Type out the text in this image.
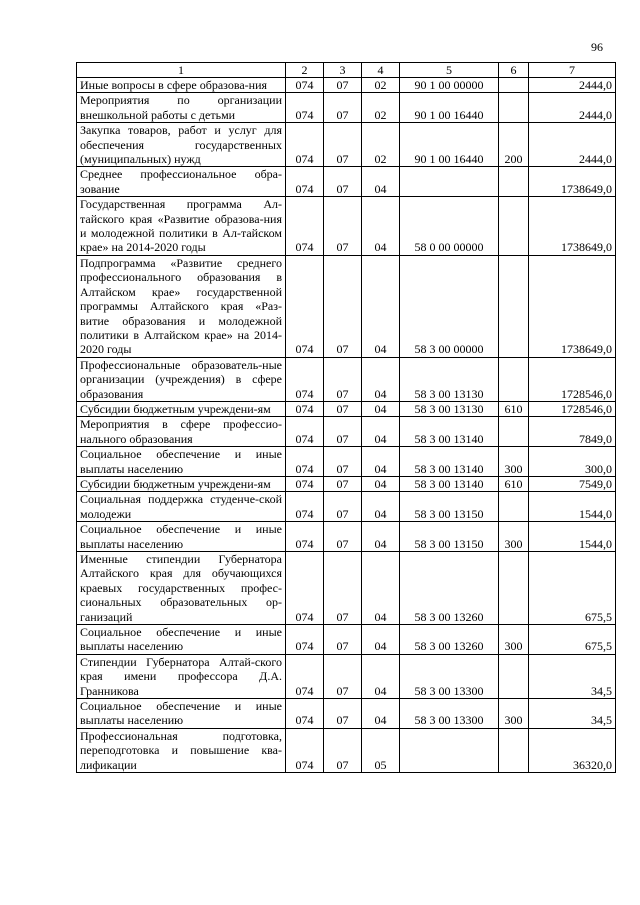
96
1	2	3	4	5	6	7
Иные вопросы в сфере образова-ния	074	07	02	90 1 00 00000		2444,0
Мероприятия по организации внешкольной работы с детьми	074	07	02	90 1 00 16440		2444,0
Закупка товаров, работ и услуг для обеспечения государственных (муниципальных) нужд	074	07	02	90 1 00 16440	200	2444,0
Среднее профессиональное обра-зование	074	07	04			1738649,0
Государственная программа Ал-тайского края «Развитие образова-ния и молодежной политики в Ал-тайском крае» на 2014-2020 годы	074	07	04	58 0 00 00000		1738649,0
Подпрограмма «Развитие среднего профессионального образования в Алтайском крае» государственной программы Алтайского края «Раз-витие образования и молодежной политики в Алтайском крае» на 2014-2020 годы	074	07	04	58 3 00 00000		1738649,0
Профессиональные образователь-ные организации (учреждения) в сфере образования	074	07	04	58 3 00 13130		1728546,0
Субсидии бюджетным учреждени-ям	074	07	04	58 3 00 13130	610	1728546,0
Мероприятия в сфере профессио-нального образования	074	07	04	58 3 00 13140		7849,0
Социальное обеспечение и иные выплаты населению	074	07	04	58 3 00 13140	300	300,0
Субсидии бюджетным учреждени-ям	074	07	04	58 3 00 13140	610	7549,0
Социальная поддержка студенче-ской молодежи	074	07	04	58 3 00 13150		1544,0
Социальное обеспечение и иные выплаты населению	074	07	04	58 3 00 13150	300	1544,0
Именные стипендии Губернатора Алтайского края для обучающихся краевых государственных профес-сиональных образовательных ор-ганизаций	074	07	04	58 3 00 13260		675,5
Социальное обеспечение и иные выплаты населению	074	07	04	58 3 00 13260	300	675,5
Стипендии Губернатора Алтай-ского края имени профессора Д.А. Гранникова	074	07	04	58 3 00 13300		34,5
Социальное обеспечение и иные выплаты населению	074	07	04	58 3 00 13300	300	34,5
Профессиональная подготовка, переподготовка и повышение ква-лификации	074	07	05			36320,0
